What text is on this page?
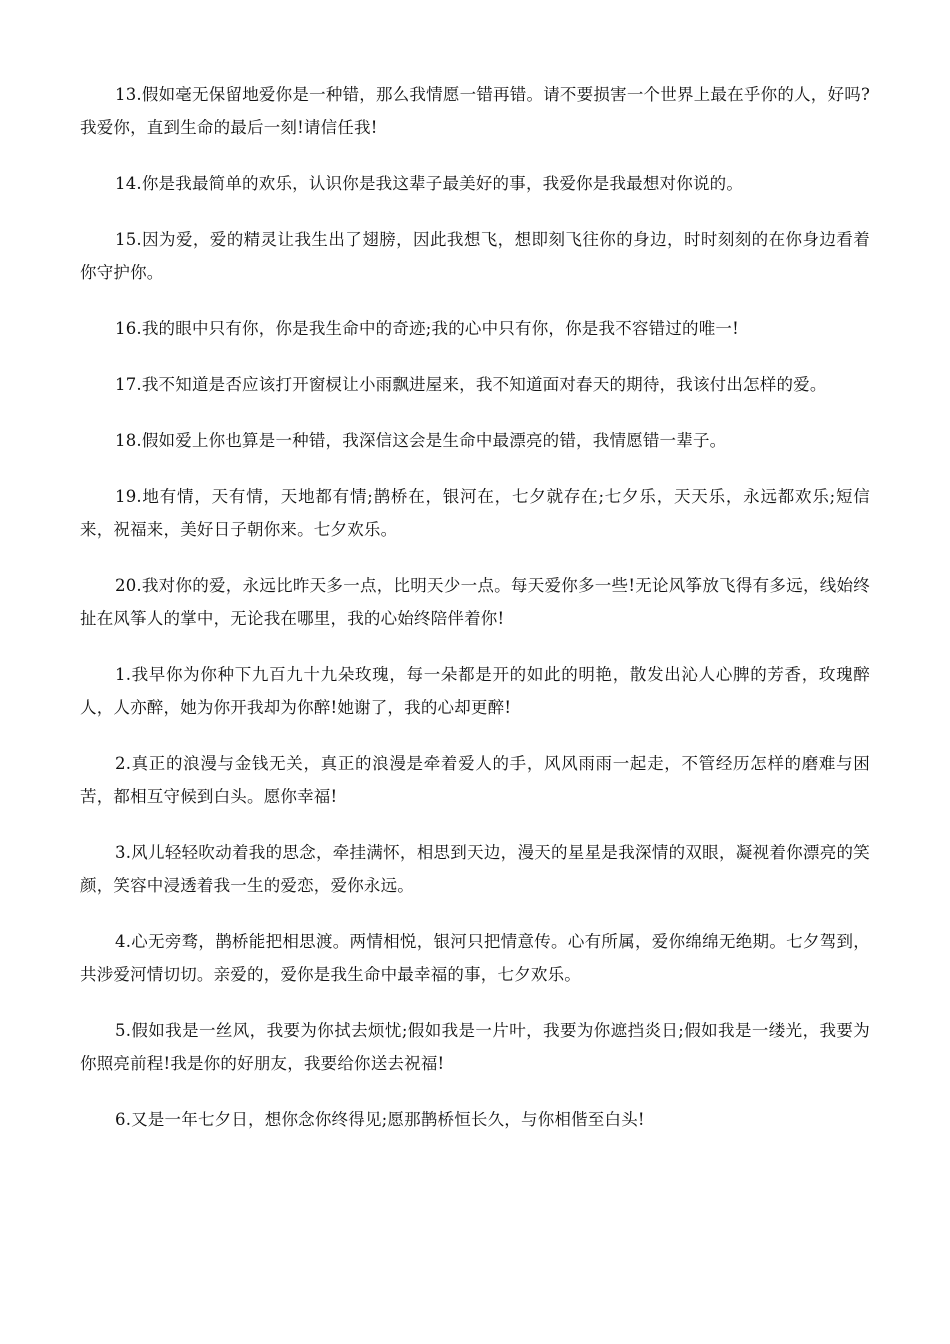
13.假如毫无保留地爱你是一种错，那么我情愿一错再错。请不要损害一个世界上最在乎你的人，好吗?我爱你，直到生命的最后一刻!请信任我!

14.你是我最简单的欢乐，认识你是我这辈子最美好的事，我爱你是我最想对你说的。

15.因为爱，爱的精灵让我生出了翅膀，因此我想飞，想即刻飞往你的身边，时时刻刻的在你身边看着你守护你。

16.我的眼中只有你，你是我生命中的奇迹;我的心中只有你，你是我不容错过的唯一!

17.我不知道是否应该打开窗棂让小雨飘进屋来，我不知道面对春天的期待，我该付出怎样的爱。

18.假如爱上你也算是一种错，我深信这会是生命中最漂亮的错，我情愿错一辈子。

19.地有情，天有情，天地都有情;鹊桥在，银河在，七夕就存在;七夕乐，天天乐，永远都欢乐;短信来，祝福来，美好日子朝你来。七夕欢乐。

20.我对你的爱，永远比昨天多一点，比明天少一点。每天爱你多一些!无论风筝放飞得有多远，线始终扯在风筝人的掌中，无论我在哪里，我的心始终陪伴着你!

1.我早你为你种下九百九十九朵玫瑰，每一朵都是开的如此的明艳，散发出沁人心脾的芳香，玫瑰醉人，人亦醉，她为你开我却为你醉!她谢了，我的心却更醉!

2.真正的浪漫与金钱无关，真正的浪漫是牵着爱人的手，风风雨雨一起走，不管经历怎样的磨难与困苦，都相互守候到白头。愿你幸福!

3.风儿轻轻吹动着我的思念，牵挂满怀，相思到天边，漫天的星星是我深情的双眼，凝视着你漂亮的笑颜，笑容中浸透着我一生的爱恋，爱你永远。

4.心无旁骛，鹊桥能把相思渡。两情相悦，银河只把情意传。心有所属，爱你绵绵无绝期。七夕驾到，共涉爱河情切切。亲爱的，爱你是我生命中最幸福的事，七夕欢乐。

5.假如我是一丝风，我要为你拭去烦忧;假如我是一片叶，我要为你遮挡炎日;假如我是一缕光，我要为你照亮前程!我是你的好朋友，我要给你送去祝福!

6.又是一年七夕日，想你念你终得见;愿那鹊桥恒长久，与你相偕至白头!
